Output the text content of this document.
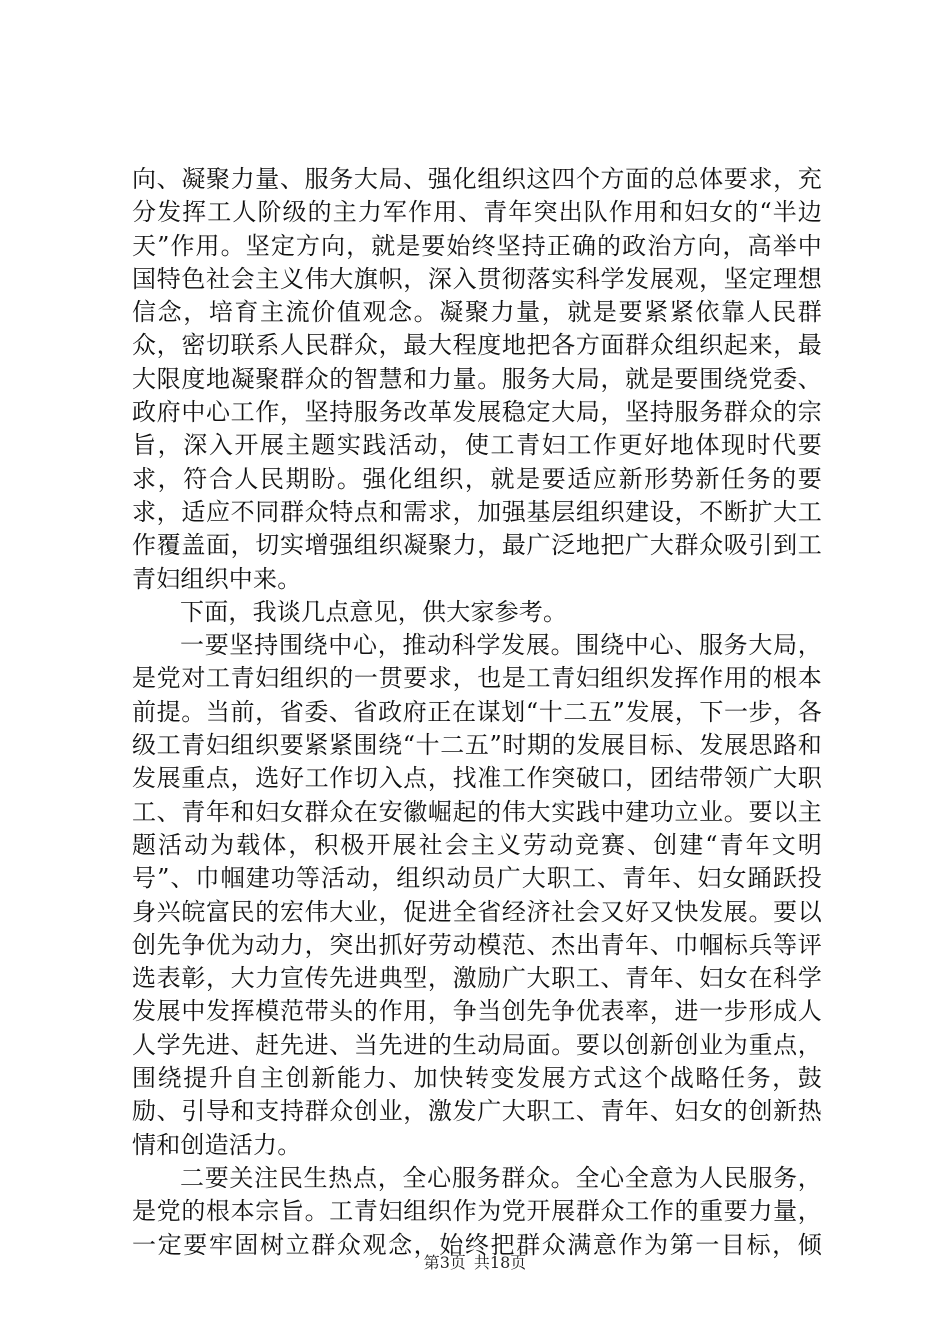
向、凝聚力量、服务大局、强化组织这四个方面的总体要求，充分发挥工人阶级的主力军作用、青年突出队作用和妇女的“半边天”作用。坚定方向，就是要始终坚持正确的政治方向，高举中国特色社会主义伟大旗帜，深入贯彻落实科学发展观，坚定理想信念，培育主流价值观念。凝聚力量，就是要紧紧依靠人民群众，密切联系人民群众，最大程度地把各方面群众组织起来，最大限度地凝聚群众的智慧和力量。服务大局，就是要围绕党委、政府中心工作，坚持服务改革发展稳定大局，坚持服务群众的宗旨，深入开展主题实践活动，使工青妇工作更好地体现时代要求，符合人民期盼。强化组织，就是要适应新形势新任务的要求，适应不同群众特点和需求，加强基层组织建设，不断扩大工作覆盖面，切实增强组织凝聚力，最广泛地把广大群众吸引到工青妇组织中来。

下面，我谈几点意见，供大家参考。

一要坚持围绕中心，推动科学发展。围绕中心、服务大局，是党对工青妇组织的一贯要求，也是工青妇组织发挥作用的根本前提。当前，省委、省政府正在谋划“十二五”发展，下一步，各级工青妇组织要紧紧围绕“十二五”时期的发展目标、发展思路和发展重点，选好工作切入点，找准工作突破口，团结带领广大职工、青年和妇女群众在安徽崛起的伟大实践中建功立业。要以主题活动为载体，积极开展社会主义劳动竞赛、创建“青年文明号”、巾帼建功等活动，组织动员广大职工、青年、妇女踊跃投身兴皖富民的宏伟大业，促进全省经济社会又好又快发展。要以创先争优为动力，突出抓好劳动模范、杰出青年、巾帼标兵等评选表彰，大力宣传先进典型，激励广大职工、青年、妇女在科学发展中发挥模范带头的作用，争当创先争优表率，进一步形成人人学先进、赶先进、当先进的生动局面。要以创新创业为重点，围绕提升自主创新能力、加快转变发展方式这个战略任务，鼓励、引导和支持群众创业，激发广大职工、青年、妇女的创新热情和创造活力。

二要关注民生热点，全心服务群众。全心全意为人民服务，是党的根本宗旨。工青妇组织作为党开展群众工作的重要力量，一定要牢固树立群众观念，始终把群众满意作为第一目标，倾

第3页 共18页
